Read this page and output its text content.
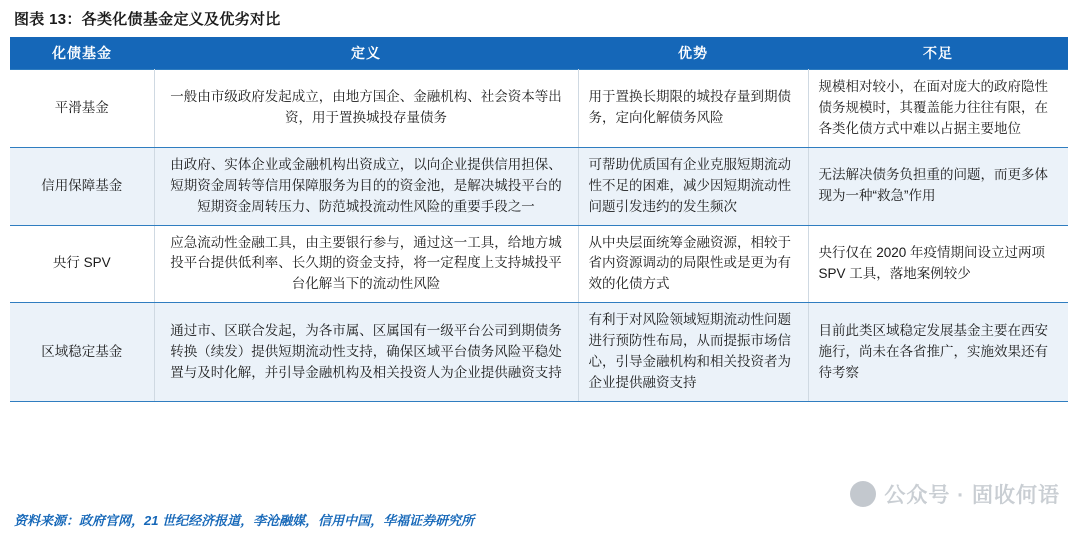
图表 13：各类化债基金定义及优劣对比
化债基金	定义	优势	不足
平滑基金	一般由市级政府发起成立，由地方国企、金融机构、社会资本等出资，用于置换城投存量债务	用于置换长期限的城投存量到期债务，定向化解债务风险	规模相对较小，在面对庞大的政府隐性债务规模时，其覆盖能力往往有限，在各类化债方式中难以占据主要地位
信用保障基金	由政府、实体企业或金融机构出资成立，以向企业提供信用担保、短期资金周转等信用保障服务为目的的资金池，是解决城投平台的短期资金周转压力、防范城投流动性风险的重要手段之一	可帮助优质国有企业克服短期流动性不足的困难，减少因短期流动性问题引发违约的发生频次	无法解决债务负担重的问题，而更多体现为一种“救急”作用
央行 SPV	应急流动性金融工具，由主要银行参与，通过这一工具，给地方城投平台提供低利率、长久期的资金支持，将一定程度上支持城投平台化解当下的流动性风险	从中央层面统筹金融资源，相较于省内资源调动的局限性或是更为有效的化债方式	央行仅在 2020 年疫情期间设立过两项 SPV 工具，落地案例较少
区域稳定基金	通过市、区联合发起，为各市属、区属国有一级平台公司到期债务转换（续发）提供短期流动性支持，确保区域平台债务风险平稳处置与及时化解，并引导金融机构及相关投资人为企业提供融资支持	有利于对风险领域短期流动性问题进行预防性布局，从而提振市场信心，引导金融机构和相关投资者为企业提供融资支持	目前此类区域稳定发展基金主要在西安施行，尚未在各省推广，实施效果还有待考察
公众号 · 固收何语
资料来源：政府官网，21 世纪经济报道，李沧融媒，信用中国，华福证券研究所
